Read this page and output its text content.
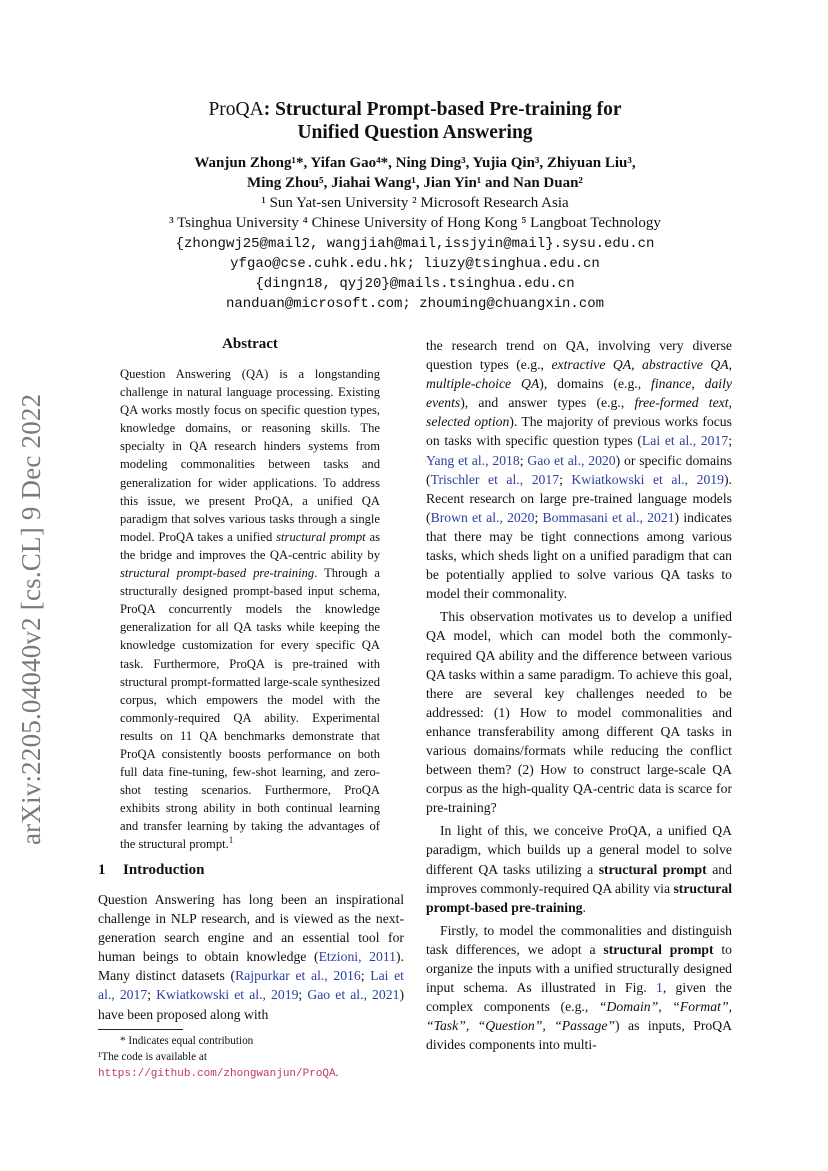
arXiv:2205.04040v2 [cs.CL] 9 Dec 2022
ProQA: Structural Prompt-based Pre-training for
Unified Question Answering
Wanjun Zhong¹*, Yifan Gao⁴*, Ning Ding³, Yujia Qin³, Zhiyuan Liu³,
Ming Zhou⁵, Jiahai Wang¹, Jian Yin¹ and Nan Duan²
¹ Sun Yat-sen University ² Microsoft Research Asia
³ Tsinghua University ⁴ Chinese University of Hong Kong ⁵ Langboat Technology
{zhongwj25@mail2, wangjiah@mail,issjyin@mail}.sysu.edu.cn
yfgao@cse.cuhk.edu.hk; liuzy@tsinghua.edu.cn
{dingn18, qyj20}@mails.tsinghua.edu.cn
nanduan@microsoft.com; zhouming@chuangxin.com
Abstract
Question Answering (QA) is a longstanding challenge in natural language processing. Existing QA works mostly focus on specific question types, knowledge domains, or reasoning skills. The specialty in QA research hinders systems from modeling commonalities between tasks and generalization for wider applications. To address this issue, we present ProQA, a unified QA paradigm that solves various tasks through a single model. ProQA takes a unified structural prompt as the bridge and improves the QA-centric ability by structural prompt-based pre-training. Through a structurally designed prompt-based input schema, ProQA concurrently models the knowledge generalization for all QA tasks while keeping the knowledge customization for every specific QA task. Furthermore, ProQA is pre-trained with structural prompt-formatted large-scale synthesized corpus, which empowers the model with the commonly-required QA ability. Experimental results on 11 QA benchmarks demonstrate that ProQA consistently boosts performance on both full data fine-tuning, few-shot learning, and zero-shot testing scenarios. Furthermore, ProQA exhibits strong ability in both continual learning and transfer learning by taking the advantages of the structural prompt.$^1$
1 Introduction
Question Answering has long been an inspirational challenge in NLP research, and is viewed as the next-generation search engine and an essential tool for human beings to obtain knowledge (Etzioni, 2011). Many distinct datasets (Rajpurkar et al., 2016; Lai et al., 2017; Kwiatkowski et al., 2019; Gao et al., 2021) have been proposed along with
* Indicates equal contribution
¹The code is available at https://github.com/zhongwanjun/ProQA.

the research trend on QA, involving very diverse question types (e.g., extractive QA, abstractive QA, multiple-choice QA), domains (e.g., finance, daily events), and answer types (e.g., free-formed text, selected option). The majority of previous works focus on tasks with specific question types (Lai et al., 2017; Yang et al., 2018; Gao et al., 2020) or specific domains (Trischler et al., 2017; Kwiatkowski et al., 2019). Recent research on large pre-trained language models (Brown et al., 2020; Bommasani et al., 2021) indicates that there may be tight connections among various tasks, which sheds light on a unified paradigm that can be potentially applied to solve various QA tasks to model their commonality.

This observation motivates us to develop a unified QA model, which can model both the commonly-required QA ability and the difference between various QA tasks within a same paradigm. To achieve this goal, there are several key challenges needed to be addressed: (1) How to model commonalities and enhance transferability among different QA tasks in various domains/formats while reducing the conflict between them? (2) How to construct large-scale QA corpus as the high-quality QA-centric data is scarce for pre-training?

In light of this, we conceive ProQA, a unified QA paradigm, which builds up a general model to solve different QA tasks utilizing a structural prompt and improves commonly-required QA ability via structural prompt-based pre-training.

Firstly, to model the commonalities and distinguish task differences, we adopt a structural prompt to organize the inputs with a unified structurally designed input schema. As illustrated in Fig. 1, given the complex components (e.g., “Domain”, “Format”, “Task”, “Question”, “Passage”) as inputs, ProQA divides components into multi-
